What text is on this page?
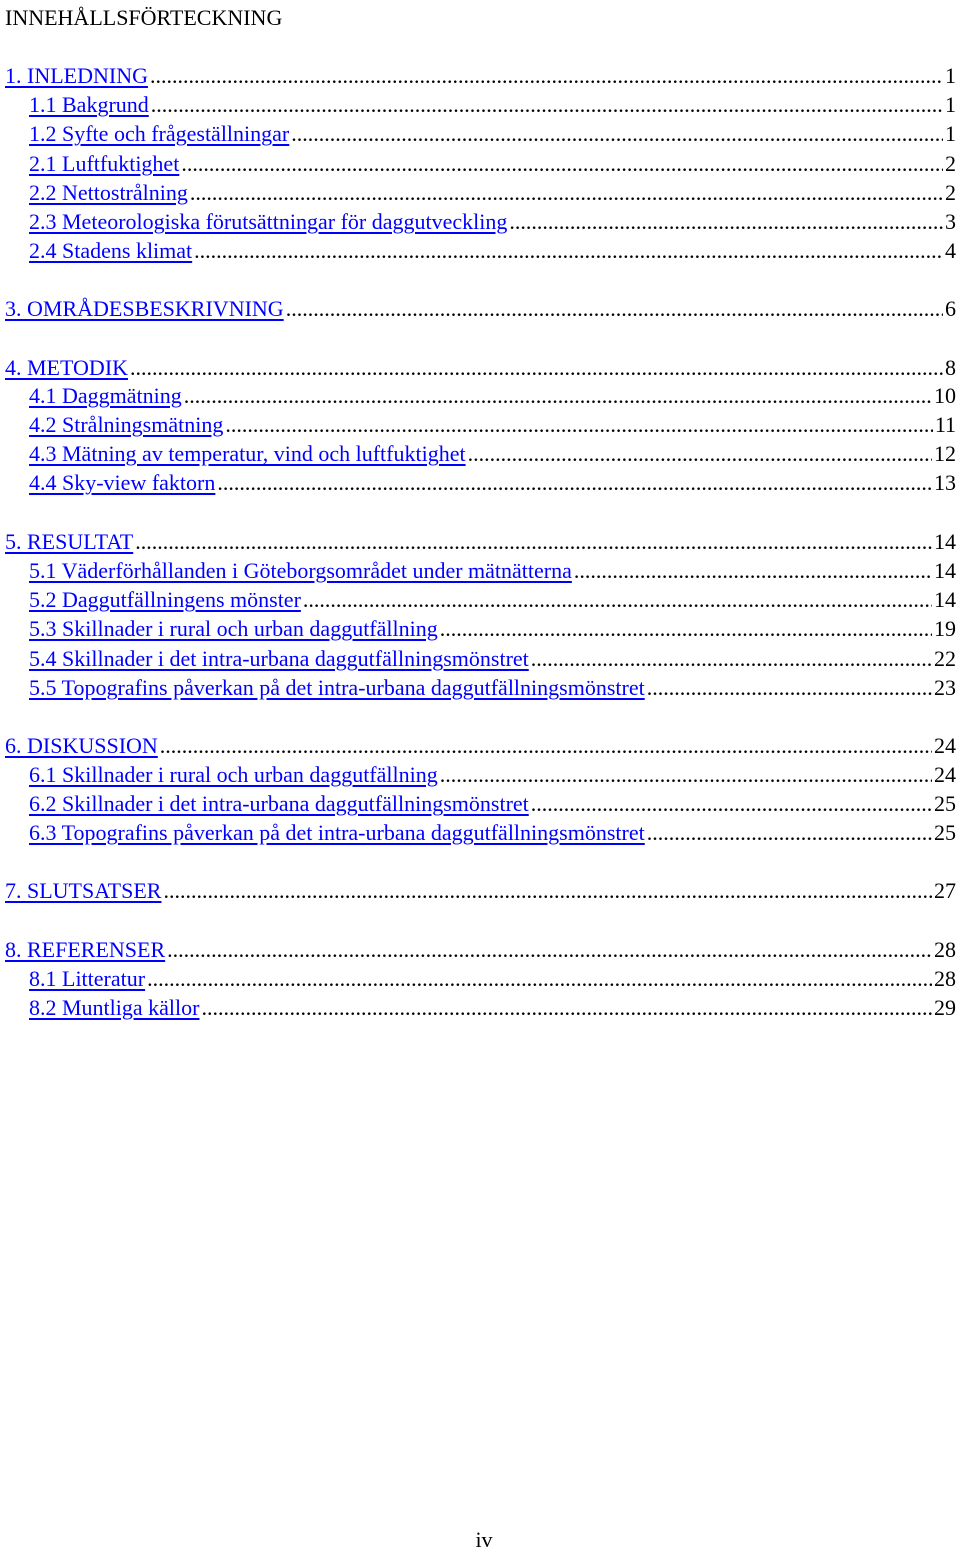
INNEHÅLLSFÖRTECKNING
1. INLEDNING .....	1
1.1 Bakgrund .....	1
1.2 Syfte och frågeställningar .....	1
2.1 Luftfuktighet .....	2
2.2 Nettostrålning .....	2
2.3 Meteorologiska förutsättningar för daggutveckling .....	3
2.4 Stadens klimat .....	4
3. OMRÅDESBESKRIVNING .....	6
4. METODIK .....	8
4.1 Daggmätning .....	10
4.2 Strålningsmätning .....	11
4.3 Mätning av temperatur, vind och luftfuktighet .....	12
4.4 Sky-view faktorn .....	13
5. RESULTAT .....	14
5.1 Väderförhållanden i Göteborgsområdet under mätnätterna .....	14
5.2 Daggutfällningens mönster .....	14
5.3 Skillnader i rural och urban daggutfällning .....	19
5.4 Skillnader i det intra-urbana daggutfällningsmönstret .....	22
5.5 Topografins påverkan på det intra-urbana daggutfällningsmönstret .....	23
6. DISKUSSION .....	24
6.1 Skillnader i rural och urban daggutfällning .....	24
6.2 Skillnader i det intra-urbana daggutfällningsmönstret .....	25
6.3 Topografins påverkan på det intra-urbana daggutfällningsmönstret .....	25
7. SLUTSATSER .....	27
8. REFERENSER .....	28
8.1 Litteratur .....	28
8.2 Muntliga källor .....	29
iv
